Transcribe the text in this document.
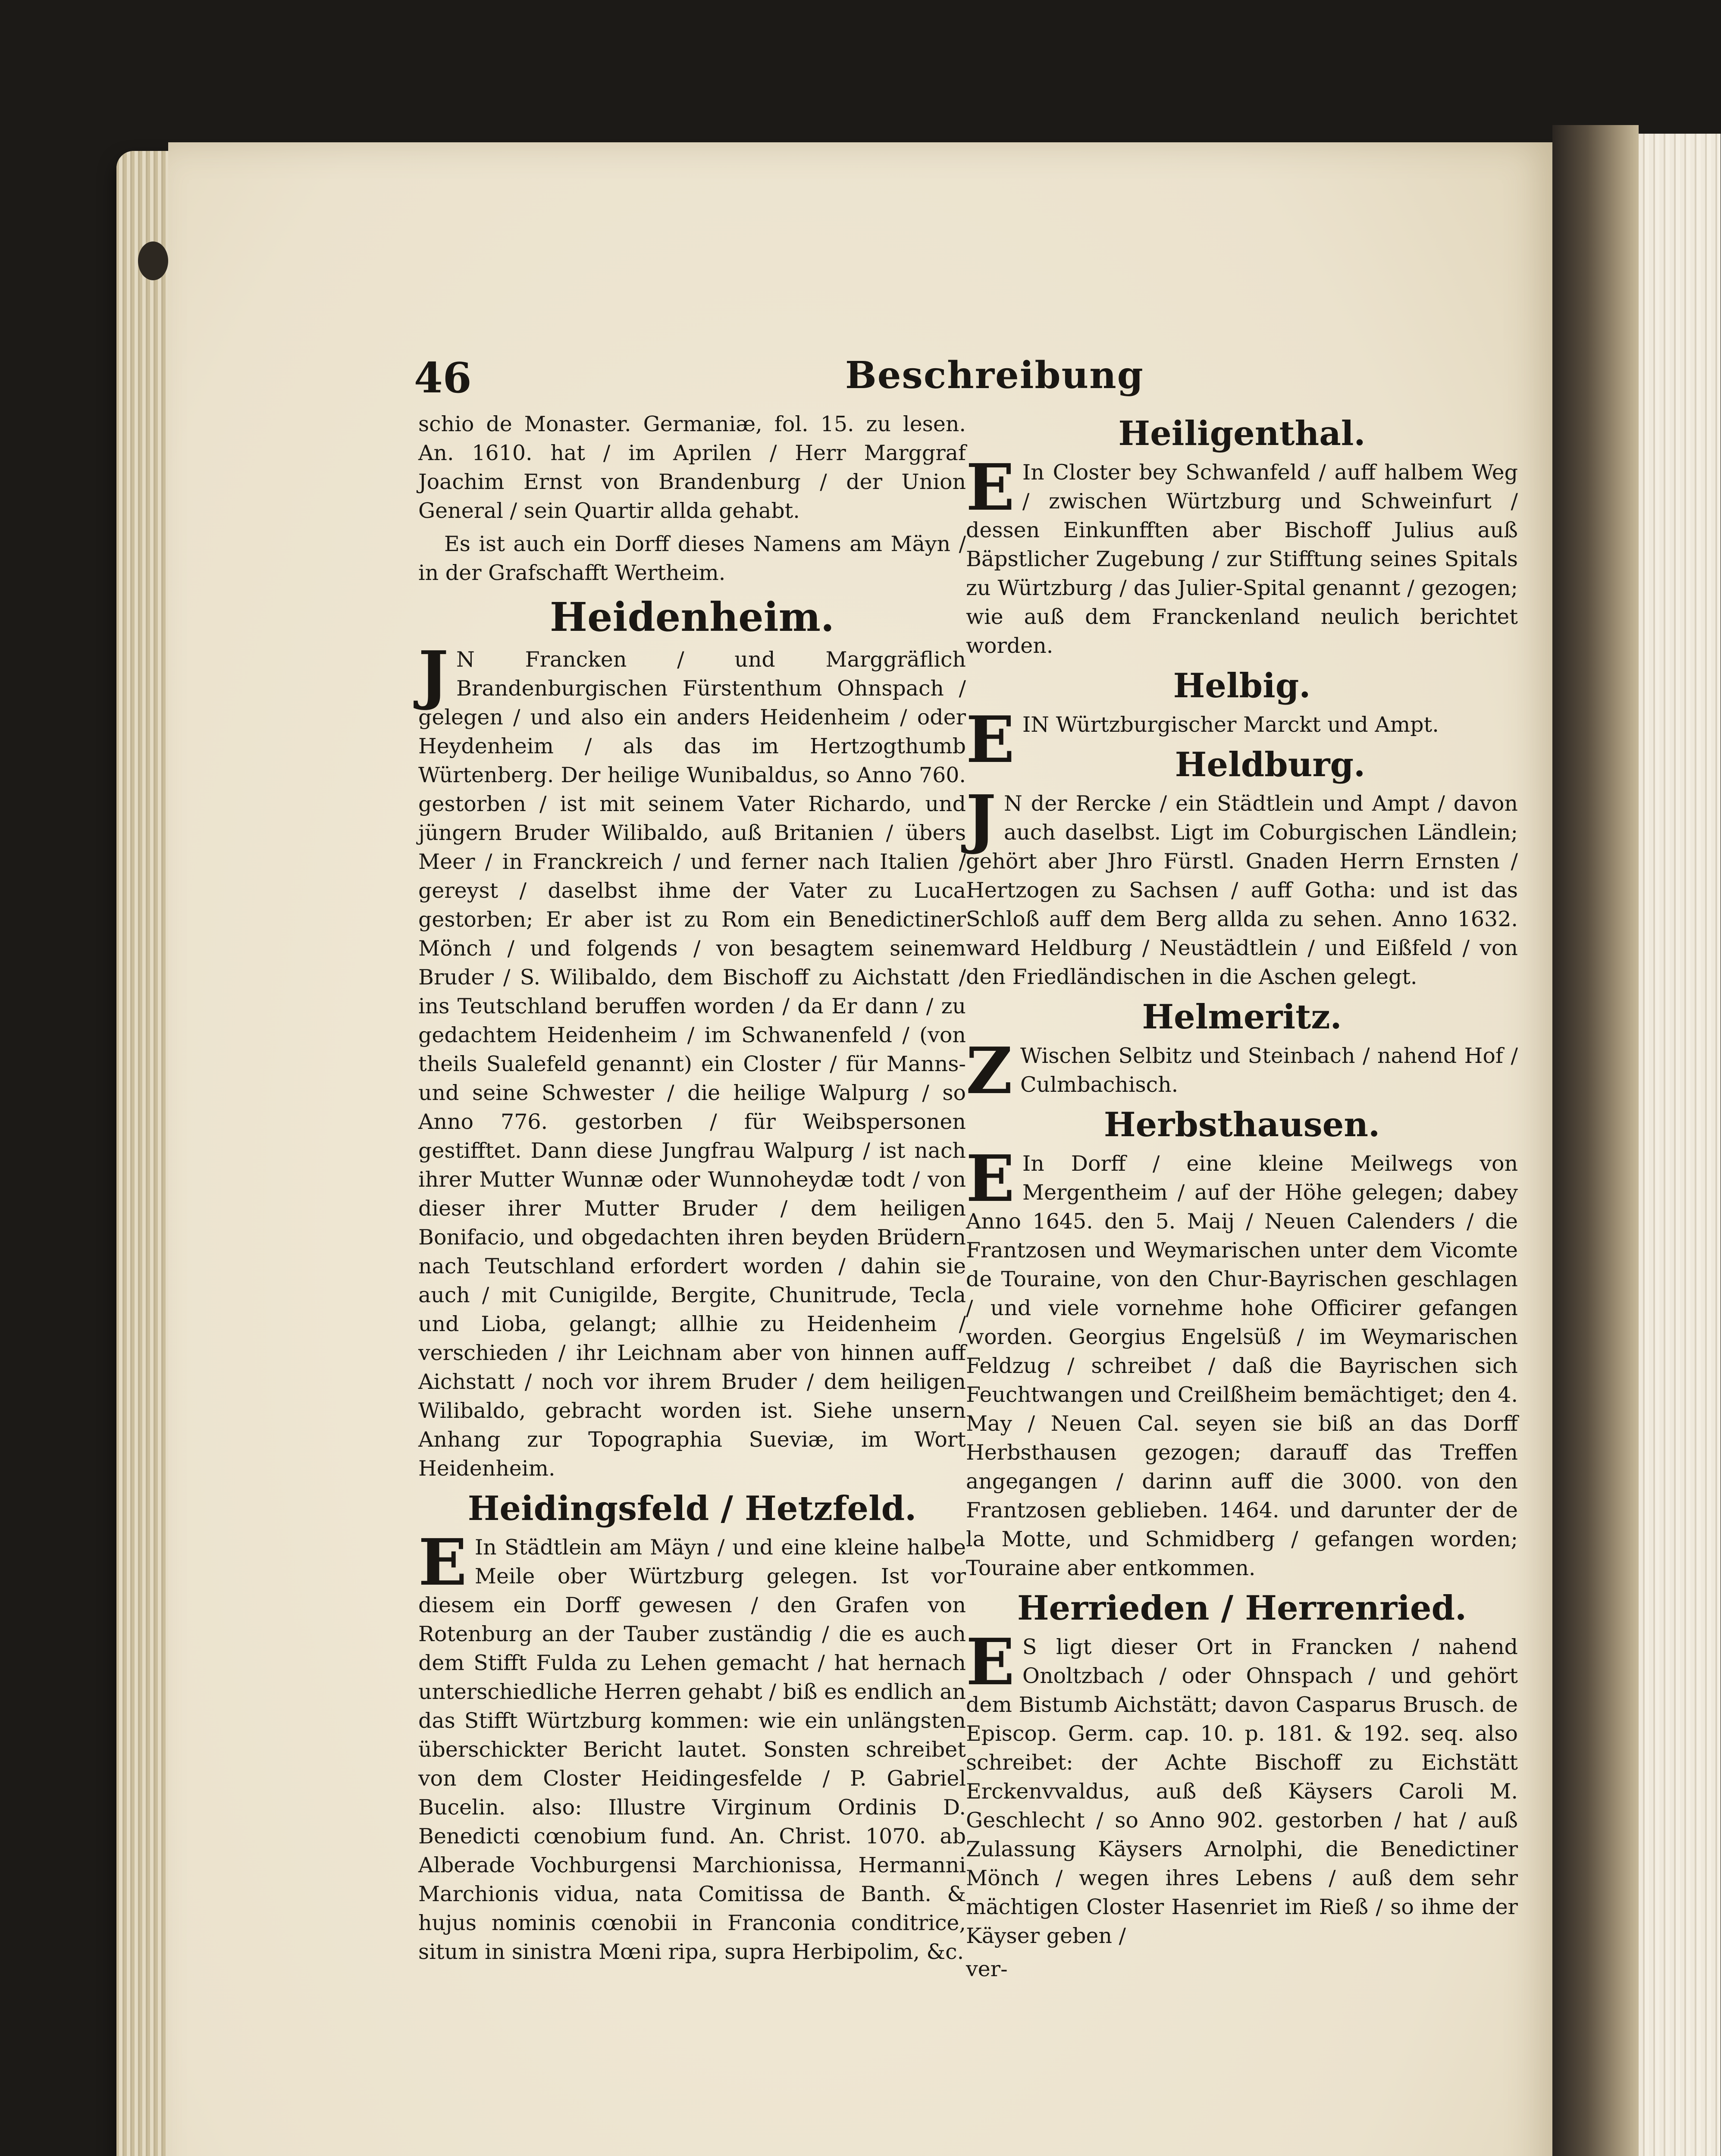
46	Beschreibung

schio de Monaster. Germaniæ, fol. 15. zu lesen. An. 1610. hat / im Aprilen / Herr Marggraf Joachim Ernst von Brandenburg / der Union General / sein Quartir allda gehabt.

Es ist auch ein Dorff dieses Namens am Mäyn / in der Grafschafft Wertheim.

Heidenheim.

J N Francken / und Marggräflich Brandenburgischen Fürstenthum Ohnspach / gelegen / und also ein anders Heidenheim / oder Heydenheim / als das im Hertzogthumb Würtenberg. Der heilige Wunibaldus, so Anno 760. gestorben / ist mit seinem Vater Richardo, und jüngern Bruder Wilibaldo, auß Britanien / übers Meer / in Franckreich / und ferner nach Italien / gereyst / daselbst ihme der Vater zu Luca gestorben; Er aber ist zu Rom ein Benedictiner Mönch / und folgends / von besagtem seinem Bruder / S. Wilibaldo, dem Bischoff zu Aichstatt / ins Teutschland beruffen worden / da Er dann / zu gedachtem Heidenheim / im Schwanenfeld / (von theils Sualefeld genannt) ein Closter / für Manns- und seine Schwester / die heilige Walpurg / so Anno 776. gestorben / für Weibspersonen gestifftet. Dann diese Jungfrau Walpurg / ist nach ihrer Mutter Wunnæ oder Wunnoheydæ todt / von dieser ihrer Mutter Bruder / dem heiligen Bonifacio, und obgedachten ihren beyden Brüdern nach Teutschland erfordert worden / dahin sie auch / mit Cunigilde, Bergite, Chunitrude, Tecla und Lioba, gelangt; allhie zu Heidenheim / verschieden / ihr Leichnam aber von hinnen auff Aichstatt / noch vor ihrem Bruder / dem heiligen Wilibaldo, gebracht worden ist. Siehe unsern Anhang zur Topographia Sueviæ, im Wort Heidenheim.

Heidingsfeld / Hetzfeld.

E In Städtlein am Mäyn / und eine kleine halbe Meile ober Würtzburg gelegen. Ist vor diesem ein Dorff gewesen / den Grafen von Rotenburg an der Tauber zuständig / die es auch dem Stifft Fulda zu Lehen gemacht / hat hernach unterschiedliche Herren gehabt / biß es endlich an das Stifft Würtzburg kommen: wie ein unlängsten überschickter Bericht lautet. Sonsten schreibet von dem Closter Heidingesfelde / P. Gabriel Bucelin. also: Illustre Virginum Ordinis D. Benedicti cœnobium fund. An. Christ. 1070. ab Alberade Vochburgensi Marchionissa, Hermanni Marchionis vidua, nata Comitissa de Banth. & hujus nominis cœnobii in Franconia conditrice, situm in sinistra Mœni ripa, supra Herbipolim, &c.

Heiligenthal.

E In Closter bey Schwanfeld / auff halbem Weg / zwischen Würtzburg und Schweinfurt / dessen Einkunfften aber Bischoff Julius auß Bäpstlicher Zugebung / zur Stifftung seines Spitals zu Würtzburg / das Julier-Spital genannt / gezogen; wie auß dem Franckenland neulich berichtet worden.

Helbig.

EIN Würtzburgischer Marckt und Ampt.

Heldburg.

J N der Rercke / ein Städtlein und Ampt / davon auch daselbst. Ligt im Coburgischen Ländlein; gehört aber Jhro Fürstl. Gnaden Herrn Ernsten / Hertzogen zu Sachsen / auff Gotha: und ist das Schloß auff dem Berg allda zu sehen. Anno 1632. ward Heldburg / Neustädtlein / und Eißfeld / von den Friedländischen in die Aschen gelegt.

Helmeritz.

Z Wischen Selbitz und Steinbach / nahend Hof / Culmbachisch.

Herbsthausen.

E In Dorff / eine kleine Meilwegs von Mergentheim / auf der Höhe gelegen; dabey Anno 1645. den 5. Maij / Neuen Calenders / die Frantzosen und Weymarischen unter dem Vicomte de Touraine, von den Chur-Bayrischen geschlagen / und viele vornehme hohe Officirer gefangen worden. Georgius Engelsüß / im Weymarischen Feldzug / schreibet / daß die Bayrischen sich Feuchtwangen und Creilßheim bemächtiget; den 4. May / Neuen Cal. seyen sie biß an das Dorff Herbsthausen gezogen; darauff das Treffen angegangen / darinn auff die 3000. von den Frantzosen geblieben. 1464. und darunter der de la Motte, und Schmidberg / gefangen worden; Touraine aber entkommen.

Herrieden / Herrenried.

E S ligt dieser Ort in Francken / nahend Onoltzbach / oder Ohnspach / und gehört dem Bistumb Aichstätt; davon Casparus Brusch. de Episcop. Germ. cap. 10. p. 181. & 192. seq. also schreibet: der Achte Bischoff zu Eichstätt Erckenvvaldus, auß deß Käysers Caroli M. Geschlecht / so Anno 902. gestorben / hat / auß Zulassung Käysers Arnolphi, die Benedictiner Mönch / wegen ihres Lebens / auß dem sehr mächtigen Closter Hasenriet im Rieß / so ihme der Käyser geben /

ver-
